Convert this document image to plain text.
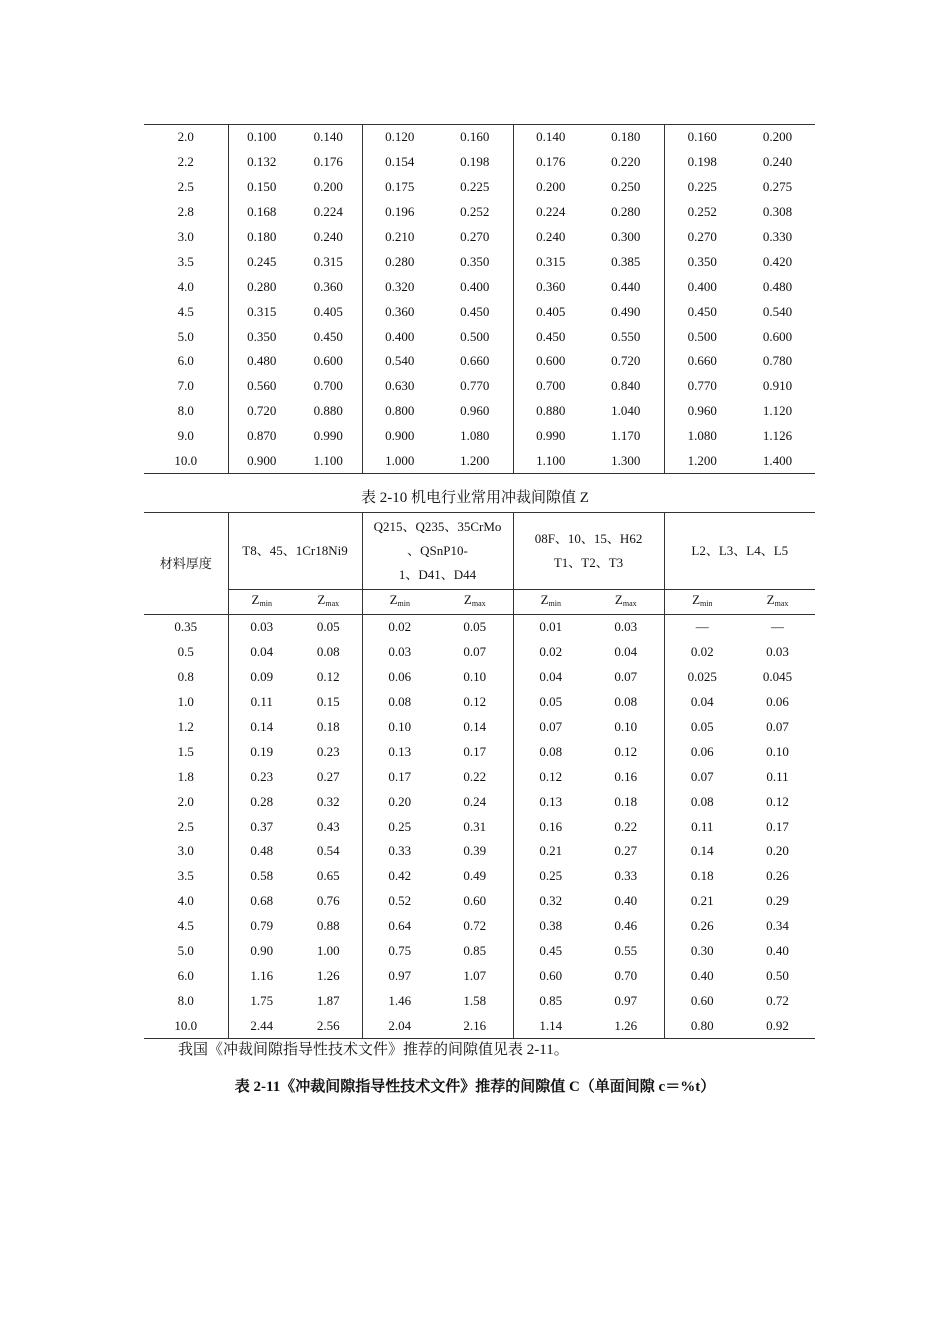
2.0	0.100	0.140	0.120	0.160	0.140	0.180	0.160	0.200
2.2	0.132	0.176	0.154	0.198	0.176	0.220	0.198	0.240
2.5	0.150	0.200	0.175	0.225	0.200	0.250	0.225	0.275
2.8	0.168	0.224	0.196	0.252	0.224	0.280	0.252	0.308
3.0	0.180	0.240	0.210	0.270	0.240	0.300	0.270	0.330
3.5	0.245	0.315	0.280	0.350	0.315	0.385	0.350	0.420
4.0	0.280	0.360	0.320	0.400	0.360	0.440	0.400	0.480
4.5	0.315	0.405	0.360	0.450	0.405	0.490	0.450	0.540
5.0	0.350	0.450	0.400	0.500	0.450	0.550	0.500	0.600
6.0	0.480	0.600	0.540	0.660	0.600	0.720	0.660	0.780
7.0	0.560	0.700	0.630	0.770	0.700	0.840	0.770	0.910
8.0	0.720	0.880	0.800	0.960	0.880	1.040	0.960	1.120
9.0	0.870	0.990	0.900	1.080	0.990	1.170	1.080	1.126
10.0	0.900	1.100	1.000	1.200	1.100	1.300	1.200	1.400
表 2-10 机电行业常用冲裁间隙值 Z
材料厚度	T8、45、1Cr18Ni9		Q215、Q235、35CrMo
、QSnP10-
1、D41、D44		08F、10、15、H62
T1、T2、T3		L2、L3、L4、L5	
	$Z_{min}$	$Z_{max}$	$Z_{min}$	$Z_{max}$	$Z_{min}$	$Z_{max}$	$Z_{min}$	$Z_{max}$
0.35	0.03	0.05	0.02	0.05	0.01	0.03	—	—
0.5	0.04	0.08	0.03	0.07	0.02	0.04	0.02	0.03
0.8	0.09	0.12	0.06	0.10	0.04	0.07	0.025	0.045
1.0	0.11	0.15	0.08	0.12	0.05	0.08	0.04	0.06
1.2	0.14	0.18	0.10	0.14	0.07	0.10	0.05	0.07
1.5	0.19	0.23	0.13	0.17	0.08	0.12	0.06	0.10
1.8	0.23	0.27	0.17	0.22	0.12	0.16	0.07	0.11
2.0	0.28	0.32	0.20	0.24	0.13	0.18	0.08	0.12
2.5	0.37	0.43	0.25	0.31	0.16	0.22	0.11	0.17
3.0	0.48	0.54	0.33	0.39	0.21	0.27	0.14	0.20
3.5	0.58	0.65	0.42	0.49	0.25	0.33	0.18	0.26
4.0	0.68	0.76	0.52	0.60	0.32	0.40	0.21	0.29
4.5	0.79	0.88	0.64	0.72	0.38	0.46	0.26	0.34
5.0	0.90	1.00	0.75	0.85	0.45	0.55	0.30	0.40
6.0	1.16	1.26	0.97	1.07	0.60	0.70	0.40	0.50
8.0	1.75	1.87	1.46	1.58	0.85	0.97	0.60	0.72
10.0	2.44	2.56	2.04	2.16	1.14	1.26	0.80	0.92
我国《冲裁间隙指导性技术文件》推荐的间隙值见表 2-11。
表 2-11《冲裁间隙指导性技术文件》推荐的间隙值 C（单面间隙 c＝%t）
